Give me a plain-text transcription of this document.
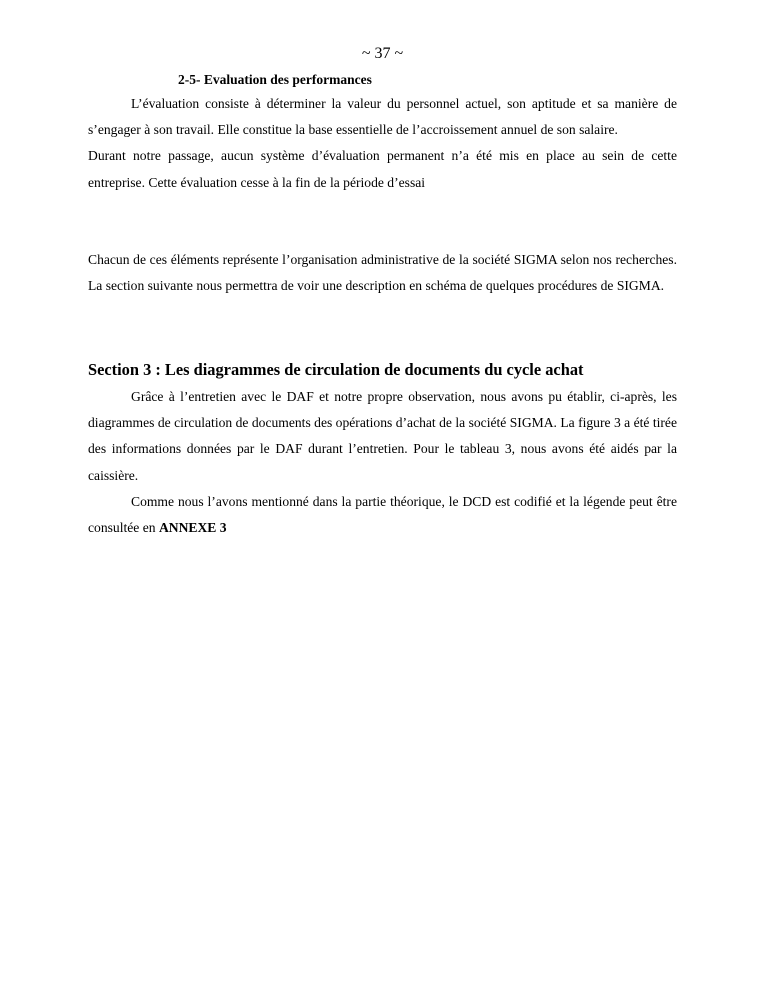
~ 37 ~
2-5- Evaluation des performances

L’évaluation consiste à déterminer la valeur du personnel actuel, son aptitude et sa manière de s’engager à son travail. Elle constitue la base essentielle de l’accroissement annuel de son salaire.

Durant notre passage, aucun système d’évaluation permanent n’a été mis en place au sein de cette entreprise. Cette évaluation cesse à la fin de la période d’essai

Chacun de ces éléments représente l’organisation administrative de la société SIGMA selon nos recherches. La section suivante nous permettra de voir une description en schéma de quelques procédures de SIGMA.

Section 3 : Les diagrammes de circulation de documents du cycle achat

Grâce à l’entretien avec le DAF et notre propre observation, nous avons pu établir, ci-après, les diagrammes de circulation de documents des opérations d’achat de la société SIGMA. La figure 3 a été tirée des informations données par le DAF durant l’entretien. Pour le tableau 3, nous avons été aidés par la caissière.

Comme nous l’avons mentionné dans la partie théorique, le DCD est codifié et la légende peut être consultée en ANNEXE 3
